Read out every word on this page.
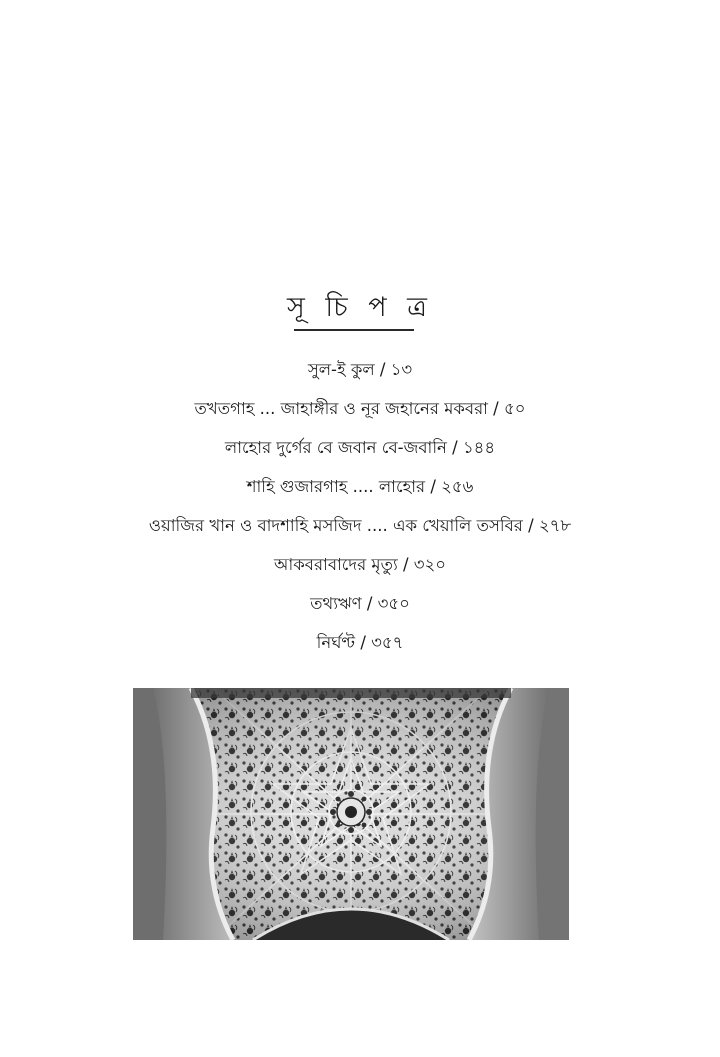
সূ চি প ত্র
সুল-ই কুল / ১৩
তখতগাহ ... জাহাঙ্গীর ও নূর জহানের মকবরা / ৫০
লাহোর দুর্গের বে জবান বে-জবানি / ১৪৪
শাহি গুজারগাহ .... লাহোর / ২৫৬
ওয়াজির খান ও বাদশাহি মসজিদ .... এক খেয়ালি তসবির / ২৭৮
আকবরাবাদের মৃত্যু / ৩২০
তথ্যঋণ / ৩৫০
নির্ঘণ্ট / ৩৫৭
